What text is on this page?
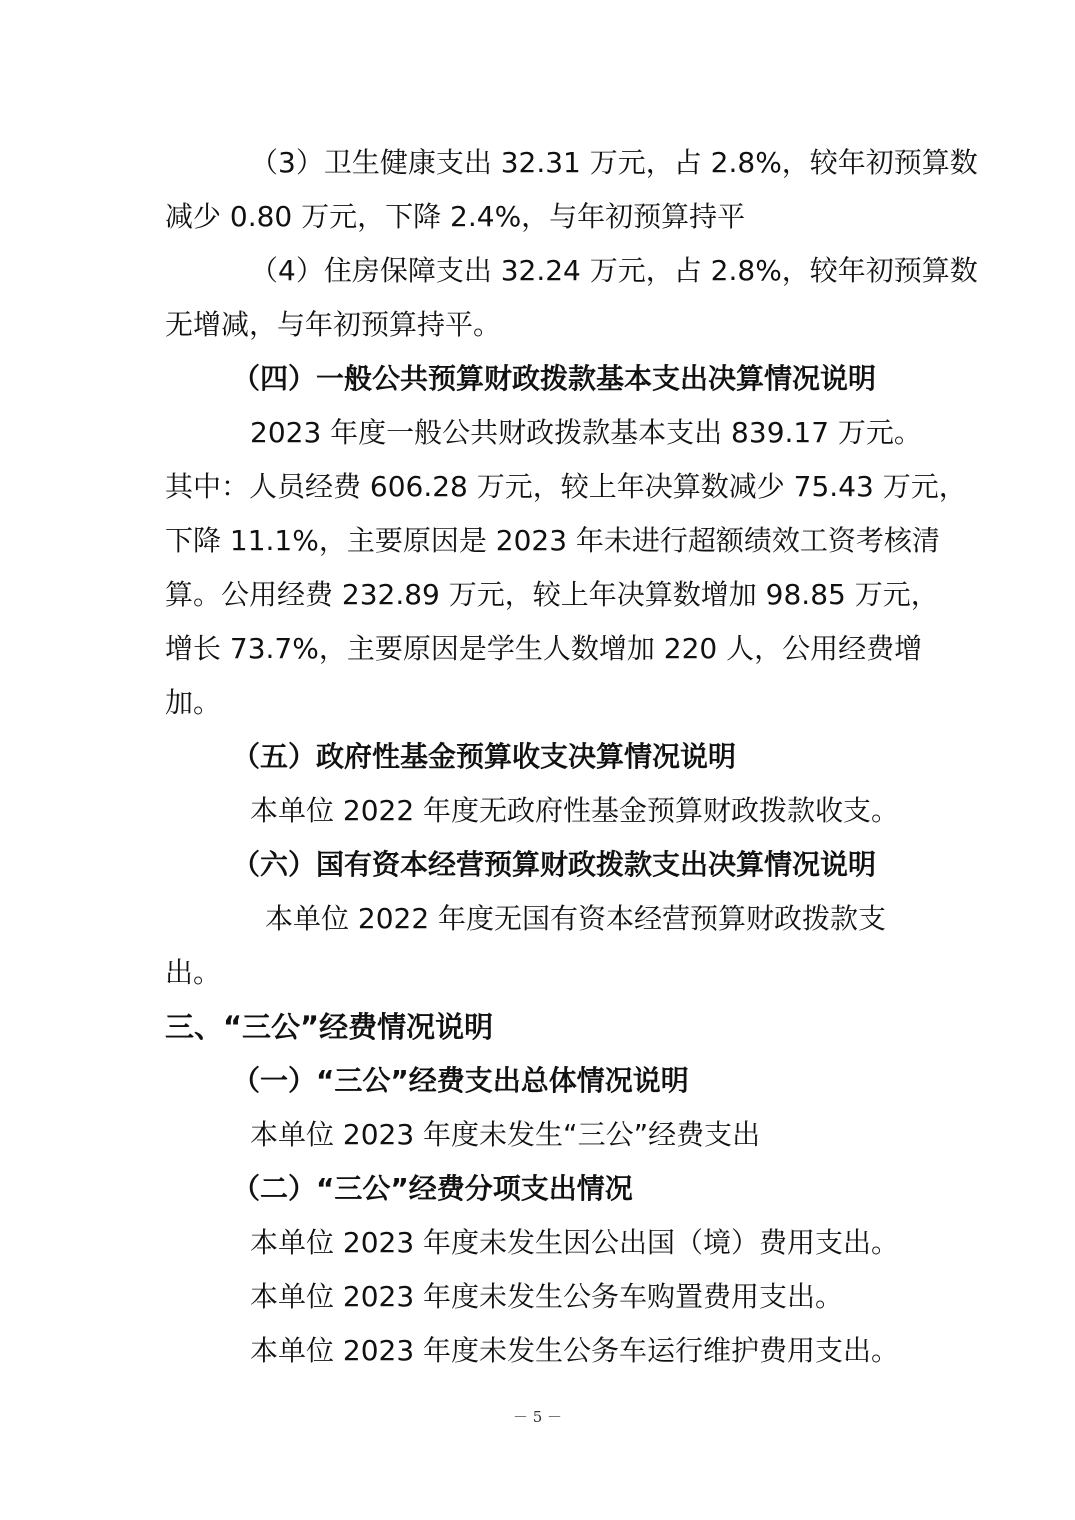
（3）卫生健康支出 32.31 万元，占 2.8%，较年初预算数
减少 0.80 万元，下降 2.4%，与年初预算持平
（4）住房保障支出 32.24 万元，占 2.8%，较年初预算数
无增减，与年初预算持平。
（四）一般公共预算财政拨款基本支出决算情况说明
2023 年度一般公共财政拨款基本支出 839.17 万元。
其中：人员经费 606.28 万元，较上年决算数减少 75.43 万元，
下降 11.1%，主要原因是 2023 年未进行超额绩效工资考核清
算。公用经费 232.89 万元，较上年决算数增加 98.85 万元，
增长 73.7%，主要原因是学生人数增加 220 人，公用经费增
加。
（五）政府性基金预算收支决算情况说明
本单位 2022 年度无政府性基金预算财政拨款收支。
（六）国有资本经营预算财政拨款支出决算情况说明
本单位 2022 年度无国有资本经营预算财政拨款支
出。
三、“三公”经费情况说明
（一）“三公”经费支出总体情况说明
本单位 2023 年度未发生“三公”经费支出
（二）“三公”经费分项支出情况
本单位 2023 年度未发生因公出国（境）费用支出。
本单位 2023 年度未发生公务车购置费用支出。
本单位 2023 年度未发生公务车运行维护费用支出。
－ 5 －
